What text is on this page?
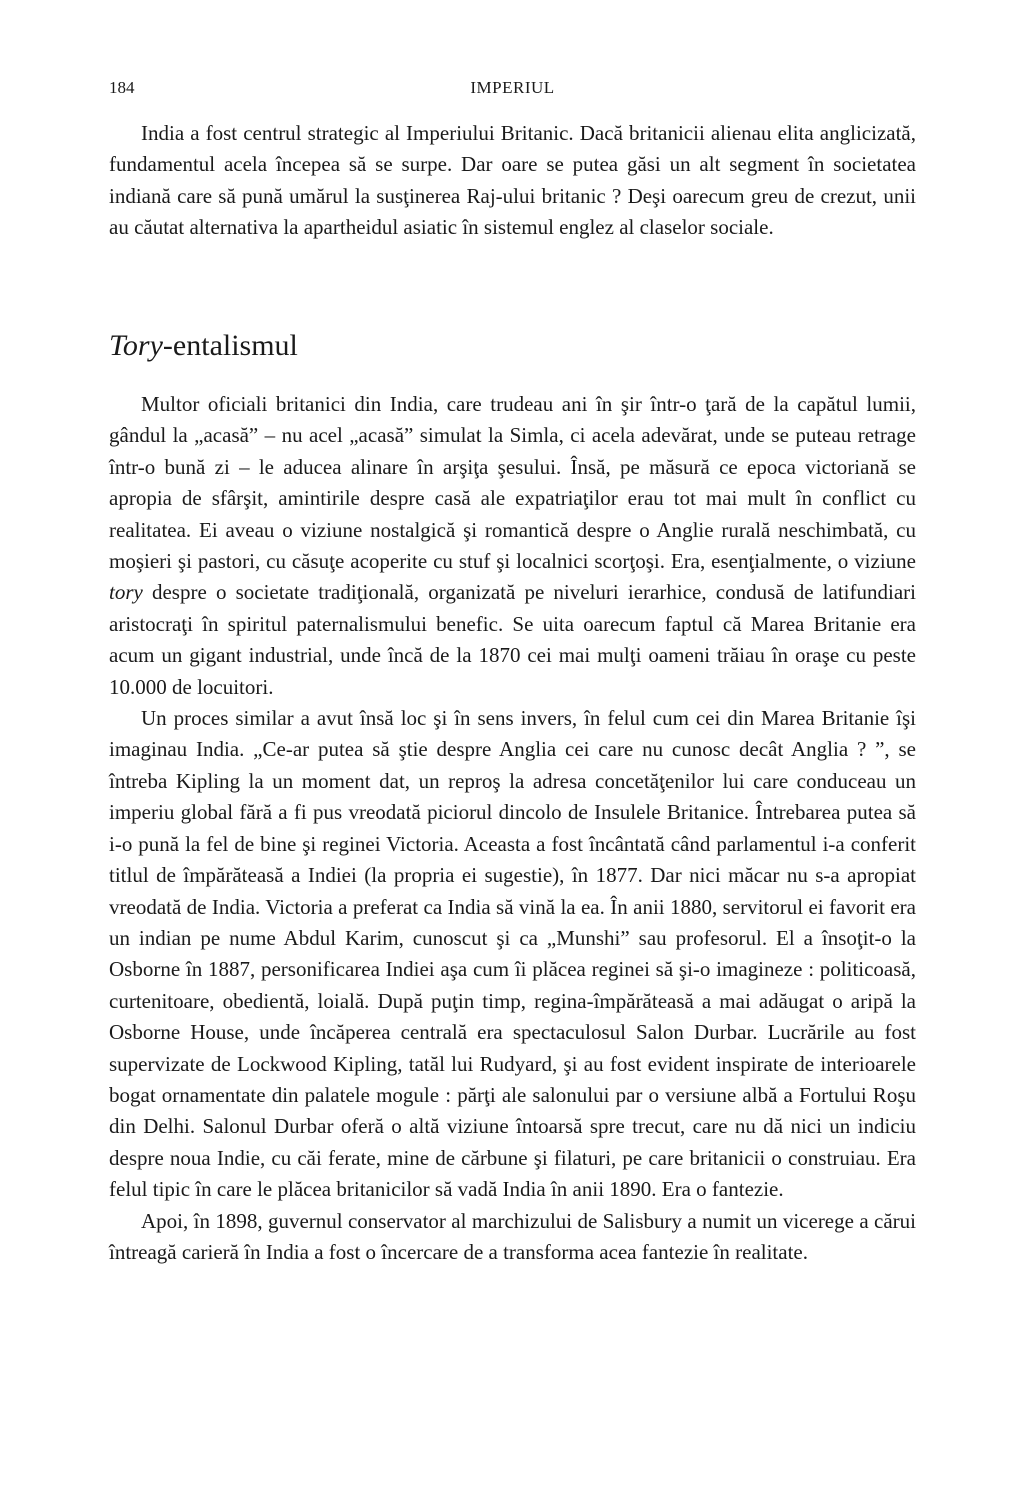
184	IMPERIUL

India a fost centrul strategic al Imperiului Britanic. Dacă britanicii alienau elita anglicizată, fundamentul acela începea să se surpe. Dar oare se putea găsi un alt segment în societatea indiană care să pună umărul la susţinerea Raj-ului britanic ? Deşi oarecum greu de crezut, unii au căutat alternativa la apartheidul asiatic în sistemul englez al claselor sociale.

Tory-entalismul

Multor oficiali britanici din India, care trudeau ani în şir într-o ţară de la capătul lumii, gândul la „acasă” – nu acel „acasă” simulat la Simla, ci acela adevărat, unde se puteau retrage într-o bună zi – le aducea alinare în arşiţa şesului. Însă, pe măsură ce epoca victoriană se apropia de sfârşit, amintirile despre casă ale expatriaţilor erau tot mai mult în conflict cu realitatea. Ei aveau o viziune nostalgică şi romantică despre o Anglie rurală neschimbată, cu moşieri şi pastori, cu căsuţe acoperite cu stuf şi localnici scorţoşi. Era, esenţialmente, o viziune tory despre o societate tradiţională, organizată pe niveluri ierarhice, condusă de latifundiari aristocraţi în spiritul paternalismului benefic. Se uita oarecum faptul că Marea Britanie era acum un gigant industrial, unde încă de la 1870 cei mai mulţi oameni trăiau în oraşe cu peste 10.000 de locuitori.

Un proces similar a avut însă loc şi în sens invers, în felul cum cei din Marea Britanie îşi imaginau India. „Ce-ar putea să ştie despre Anglia cei care nu cunosc decât Anglia ? ”, se întreba Kipling la un moment dat, un reproş la adresa concetăţenilor lui care conduceau un imperiu global fără a fi pus vreodată piciorul dincolo de Insulele Britanice. Întrebarea putea să i-o pună la fel de bine şi reginei Victoria. Aceasta a fost încântată când parlamentul i-a conferit titlul de împărăteasă a Indiei (la propria ei sugestie), în 1877. Dar nici măcar nu s-a apropiat vreodată de India. Victoria a preferat ca India să vină la ea. În anii 1880, servitorul ei favorit era un indian pe nume Abdul Karim, cunoscut şi ca „Munshi” sau profesorul. El a însoţit-o la Osborne în 1887, personificarea Indiei aşa cum îi plăcea reginei să şi-o imagineze : politicoasă, curtenitoare, obedientă, loială. După puţin timp, regina-împărăteasă a mai adăugat o aripă la Osborne House, unde încăperea centrală era spectaculosul Salon Durbar. Lucrările au fost supervizate de Lockwood Kipling, tatăl lui Rudyard, şi au fost evident inspirate de interioarele bogat ornamentate din palatele mogule : părţi ale salonului par o versiune albă a Fortului Roşu din Delhi. Salonul Durbar oferă o altă viziune întoarsă spre trecut, care nu dă nici un indiciu despre noua Indie, cu căi ferate, mine de cărbune şi filaturi, pe care britanicii o construiau. Era felul tipic în care le plăcea britanicilor să vadă India în anii 1890. Era o fantezie.

Apoi, în 1898, guvernul conservator al marchizului de Salisbury a numit un vicerege a cărui întreagă carieră în India a fost o încercare de a transforma acea fantezie în realitate.
